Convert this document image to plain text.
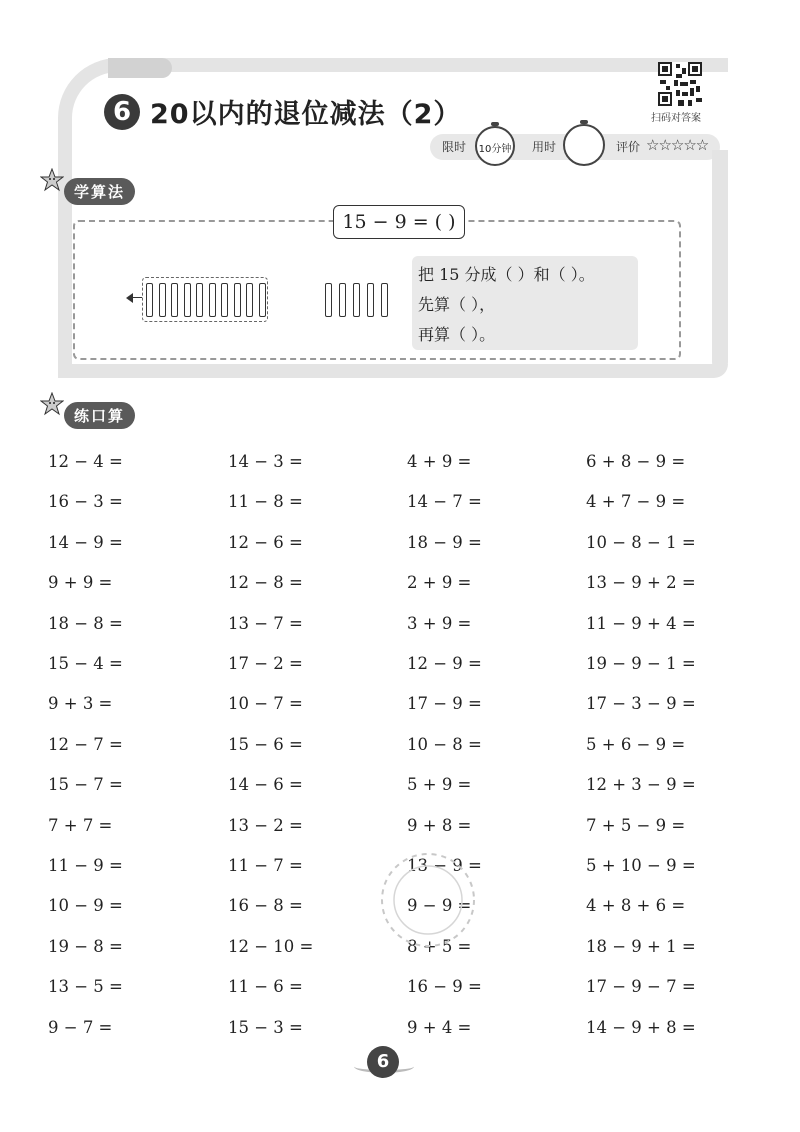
6 20以内的退位减法（2）	扫码对答案
限时 10分钟 用时	评价 ☆☆☆☆☆
学算法
15 − 9 = ( )
把 15 分成（ ）和（ ）。
先算（ ），
再算（ ）。
练口算
12 − 4 =
16 − 3 =
14 − 9 =
9 + 9 =
18 − 8 =
15 − 4 =
9 + 3 =
12 − 7 =
15 − 7 =
7 + 7 =
11 − 9 =
10 − 9 =
19 − 8 =
13 − 5 =
9 − 7 =
14 − 3 =
11 − 8 =
12 − 6 =
12 − 8 =
13 − 7 =
17 − 2 =
10 − 7 =
15 − 6 =
14 − 6 =
13 − 2 =
11 − 7 =
16 − 8 =
12 − 10 =
11 − 6 =
15 − 3 =
4 + 9 =
14 − 7 =
18 − 9 =
2 + 9 =
3 + 9 =
12 − 9 =
17 − 9 =
10 − 8 =
5 + 9 =
9 + 8 =
13 − 9 =
9 − 9 =
8 + 5 =
16 − 9 =
9 + 4 =
6 + 8 − 9 =
4 + 7 − 9 =
10 − 8 − 1 =
13 − 9 + 2 =
11 − 9 + 4 =
19 − 9 − 1 =
17 − 3 − 9 =
5 + 6 − 9 =
12 + 3 − 9 =
7 + 5 − 9 =
5 + 10 − 9 =
4 + 8 + 6 =
18 − 9 + 1 =
17 − 9 − 7 =
14 − 9 + 8 =
6
